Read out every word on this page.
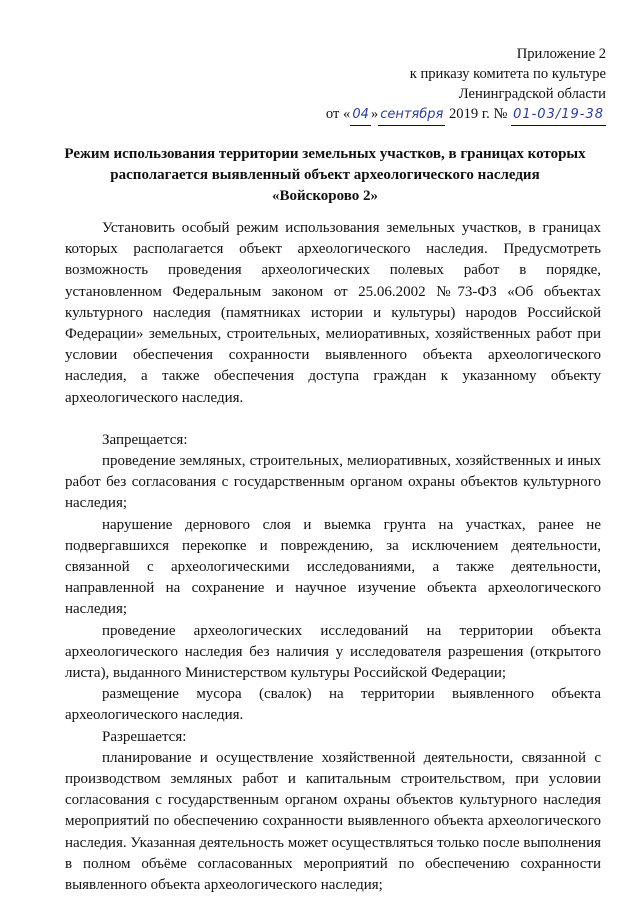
Приложение 2
к приказу комитета по культуре
Ленинградской области
от « 04 » сентября 2019 г. № 01-03/19-38
Режим использования территории земельных участков, в границах которых
располагается выявленный объект археологического наследия
«Войскорово 2»

Установить особый режим использования земельных участков, в границах которых располагается объект археологического наследия. Предусмотреть возможность проведения археологических полевых работ в порядке, установленном Федеральным законом от 25.06.2002 №73-ФЗ «Об объектах культурного наследия (памятниках истории и культуры) народов Российской Федерации» земельных, строительных, мелиоративных, хозяйственных работ при условии обеспечения сохранности выявленного объекта археологического наследия, а также обеспечения доступа граждан к указанному объекту археологического наследия.

Запрещается:

проведение земляных, строительных, мелиоративных, хозяйственных и иных работ без согласования с государственным органом охраны объектов культурного наследия;

нарушение дернового слоя и выемка грунта на участках, ранее не подвергавшихся перекопке и повреждению, за исключением деятельности, связанной с археологическими исследованиями, а также деятельности, направленной на сохранение и научное изучение объекта археологического наследия;

проведение археологических исследований на территории объекта археологического наследия без наличия у исследователя разрешения (открытого листа), выданного Министерством культуры Российской Федерации;

размещение мусора (свалок) на территории выявленного объекта археологического наследия.

Разрешается:

планирование и осуществление хозяйственной деятельности, связанной с производством земляных работ и капитальным строительством, при условии согласования с государственным органом охраны объектов культурного наследия мероприятий по обеспечению сохранности выявленного объекта археологического наследия. Указанная деятельность может осуществляться только после выполнения в полном объёме согласованных мероприятий по обеспечению сохранности выявленного объекта археологического наследия;
